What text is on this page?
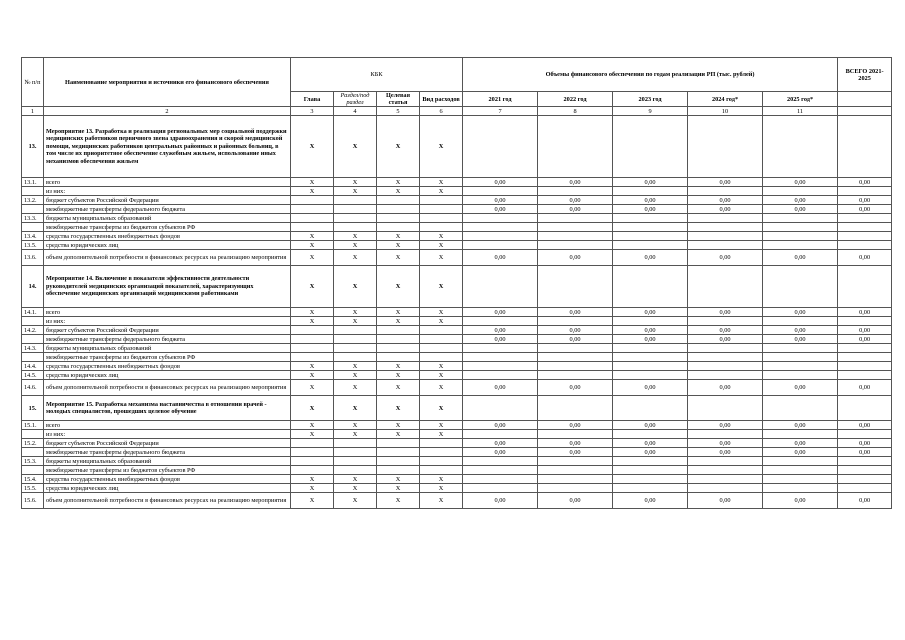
№ п/п	Наименование мероприятия и источники его финансового обеспечения	КБК				Объемы финансового обеспечения по годам реализации РП (тыс. рублей)					ВСЕГО 2021-2025
		Глава	Раздел/под раздел	Целевая статья	Вид расходов	2021 год	2022 год	2023 год	2024 год*	2025 год*	
1	2	3	4	5	6	7	8	9	10	11	
13.	Мероприятие 13. Разработка и реализация региональных мер социальной поддержки медицинских работников первичного звена здравоохранения и скорой медицинской помощи, медицинских работников центральных районных и районных больниц, в том числе их приоритетное обеспечение служебным жильем, использование иных механизмов обеспечения жильем	X	X	X	X						
13.1.	всего	X	X	X	X	0,00	0,00	0,00	0,00	0,00	0,00
	из них:	X	X	X	X						
13.2.	бюджет субъектов Российской Федерации					0,00	0,00	0,00	0,00	0,00	0,00
	межбюджетные трансферты федерального бюджета					0,00	0,00	0,00	0,00	0,00	0,00
13.3.	бюджеты муниципальных образований										
	межбюджетные трансферты из бюджетов субъектов РФ										
13.4.	средства государственных внебюджетных фондов	X	X	X	X						
13.5.	средства юридических лиц	X	X	X	X						
13.6.	объем дополнительной потребности в финансовых ресурсах на реализацию мероприятия	X	X	X	X	0,00	0,00	0,00	0,00	0,00	0,00
14.	Мероприятие 14. Включение в показатели эффективности деятельности руководителей медицинских организаций показателей, характеризующих обеспечение медицинских организаций медицинскими работниками	X	X	X	X						
14.1.	всего	X	X	X	X	0,00	0,00	0,00	0,00	0,00	0,00
	из них:	X	X	X	X						
14.2.	бюджет субъектов Российской Федерации					0,00	0,00	0,00	0,00	0,00	0,00
	межбюджетные трансферты федерального бюджета					0,00	0,00	0,00	0,00	0,00	0,00
14.3.	бюджеты муниципальных образований										
	межбюджетные трансферты из бюджетов субъектов РФ										
14.4.	средства государственных внебюджетных фондов	X	X	X	X						
14.5.	средства юридических лиц	X	X	X	X						
14.6.	объем дополнительной потребности в финансовых ресурсах на реализацию мероприятия	X	X	X	X	0,00	0,00	0,00	0,00	0,00	0,00
15.	Мероприятие 15. Разработка механизма наставничества в отношении врачей - молодых специалистов, прошедших целевое обучение	X	X	X	X						
15.1.	всего	X	X	X	X	0,00	0,00	0,00	0,00	0,00	0,00
	из них:	X	X	X	X						
15.2.	бюджет субъектов Российской Федерации					0,00	0,00	0,00	0,00	0,00	0,00
	межбюджетные трансферты федерального бюджета					0,00	0,00	0,00	0,00	0,00	0,00
15.3.	бюджеты муниципальных образований										
	межбюджетные трансферты из бюджетов субъектов РФ										
15.4.	средства государственных внебюджетных фондов	X	X	X	X						
15.5.	средства юридических лиц	X	X	X	X						
15.6.	объем дополнительной потребности в финансовых ресурсах на реализацию мероприятия	X	X	X	X	0,00	0,00	0,00	0,00	0,00	0,00
